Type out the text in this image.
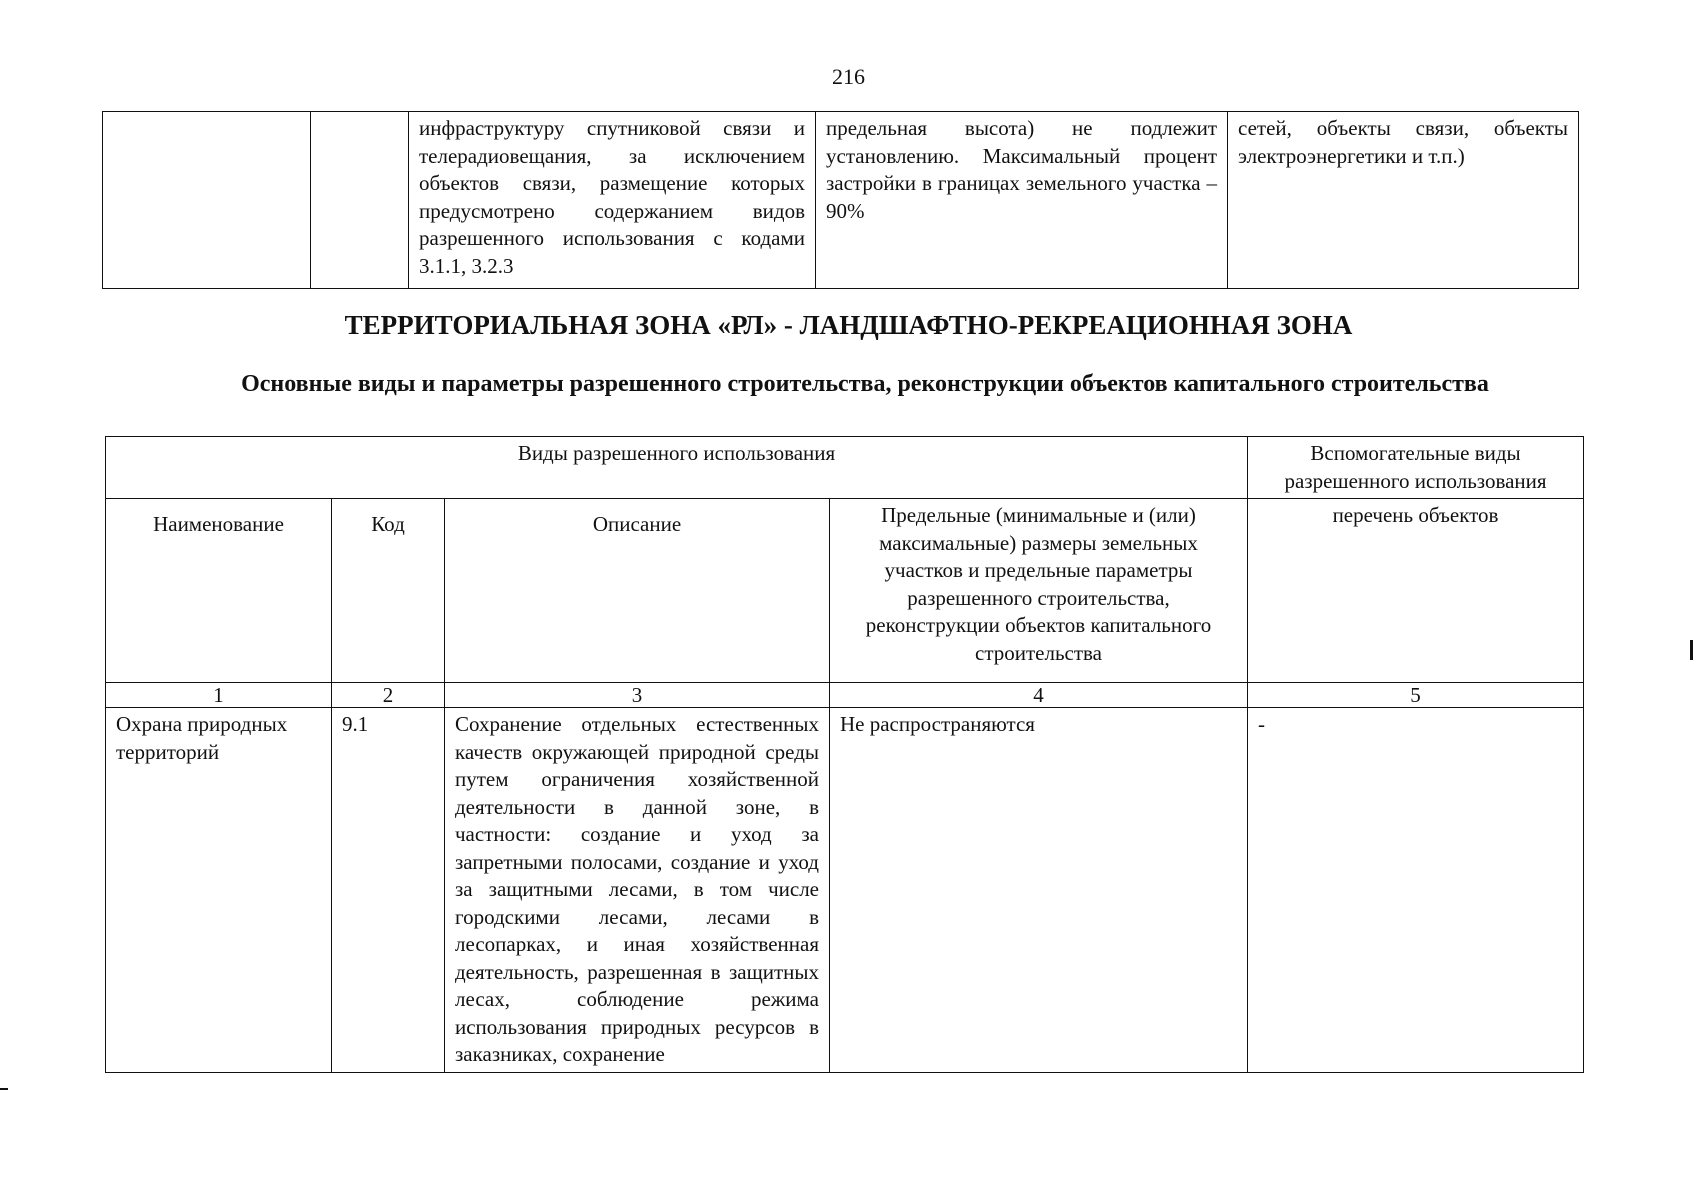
216
		инфраструктуру спутниковой связи и телерадиовещания, за исключением объектов связи, размещение которых предусмотрено содержанием видов разрешенного использования с кодами 3.1.1, 3.2.3	предельная высота) не подлежит установлению. Максимальный процент застройки в границах земельного участка – 90%	сетей, объекты связи, объекты электроэнергетики и т.п.)
ТЕРРИТОРИАЛЬНАЯ ЗОНА «РЛ» - ЛАНДШАФТНО-РЕКРЕАЦИОННАЯ ЗОНА
Основные виды и параметры разрешенного строительства, реконструкции объектов капитального строительства
Виды разрешенного использования				Вспомогательные виды разрешенного использования
Наименование	Код	Описание	Предельные (минимальные и (или) максимальные) размеры земельных участков и предельные параметры разрешенного строительства, реконструкции объектов капитального строительства	перечень объектов
1	2	3	4	5
Охрана природных территорий	9.1	Сохранение отдельных естественных качеств окружающей природной среды путем ограничения хозяйственной деятельности в данной зоне, в частности: создание и уход за запретными полосами, создание и уход за защитными лесами, в том числе городскими лесами, лесами в лесопарках, и иная хозяйственная деятельность, разрешенная в защитных лесах, соблюдение режима использования природных ресурсов в заказниках, сохранение	Не распространяются	-
